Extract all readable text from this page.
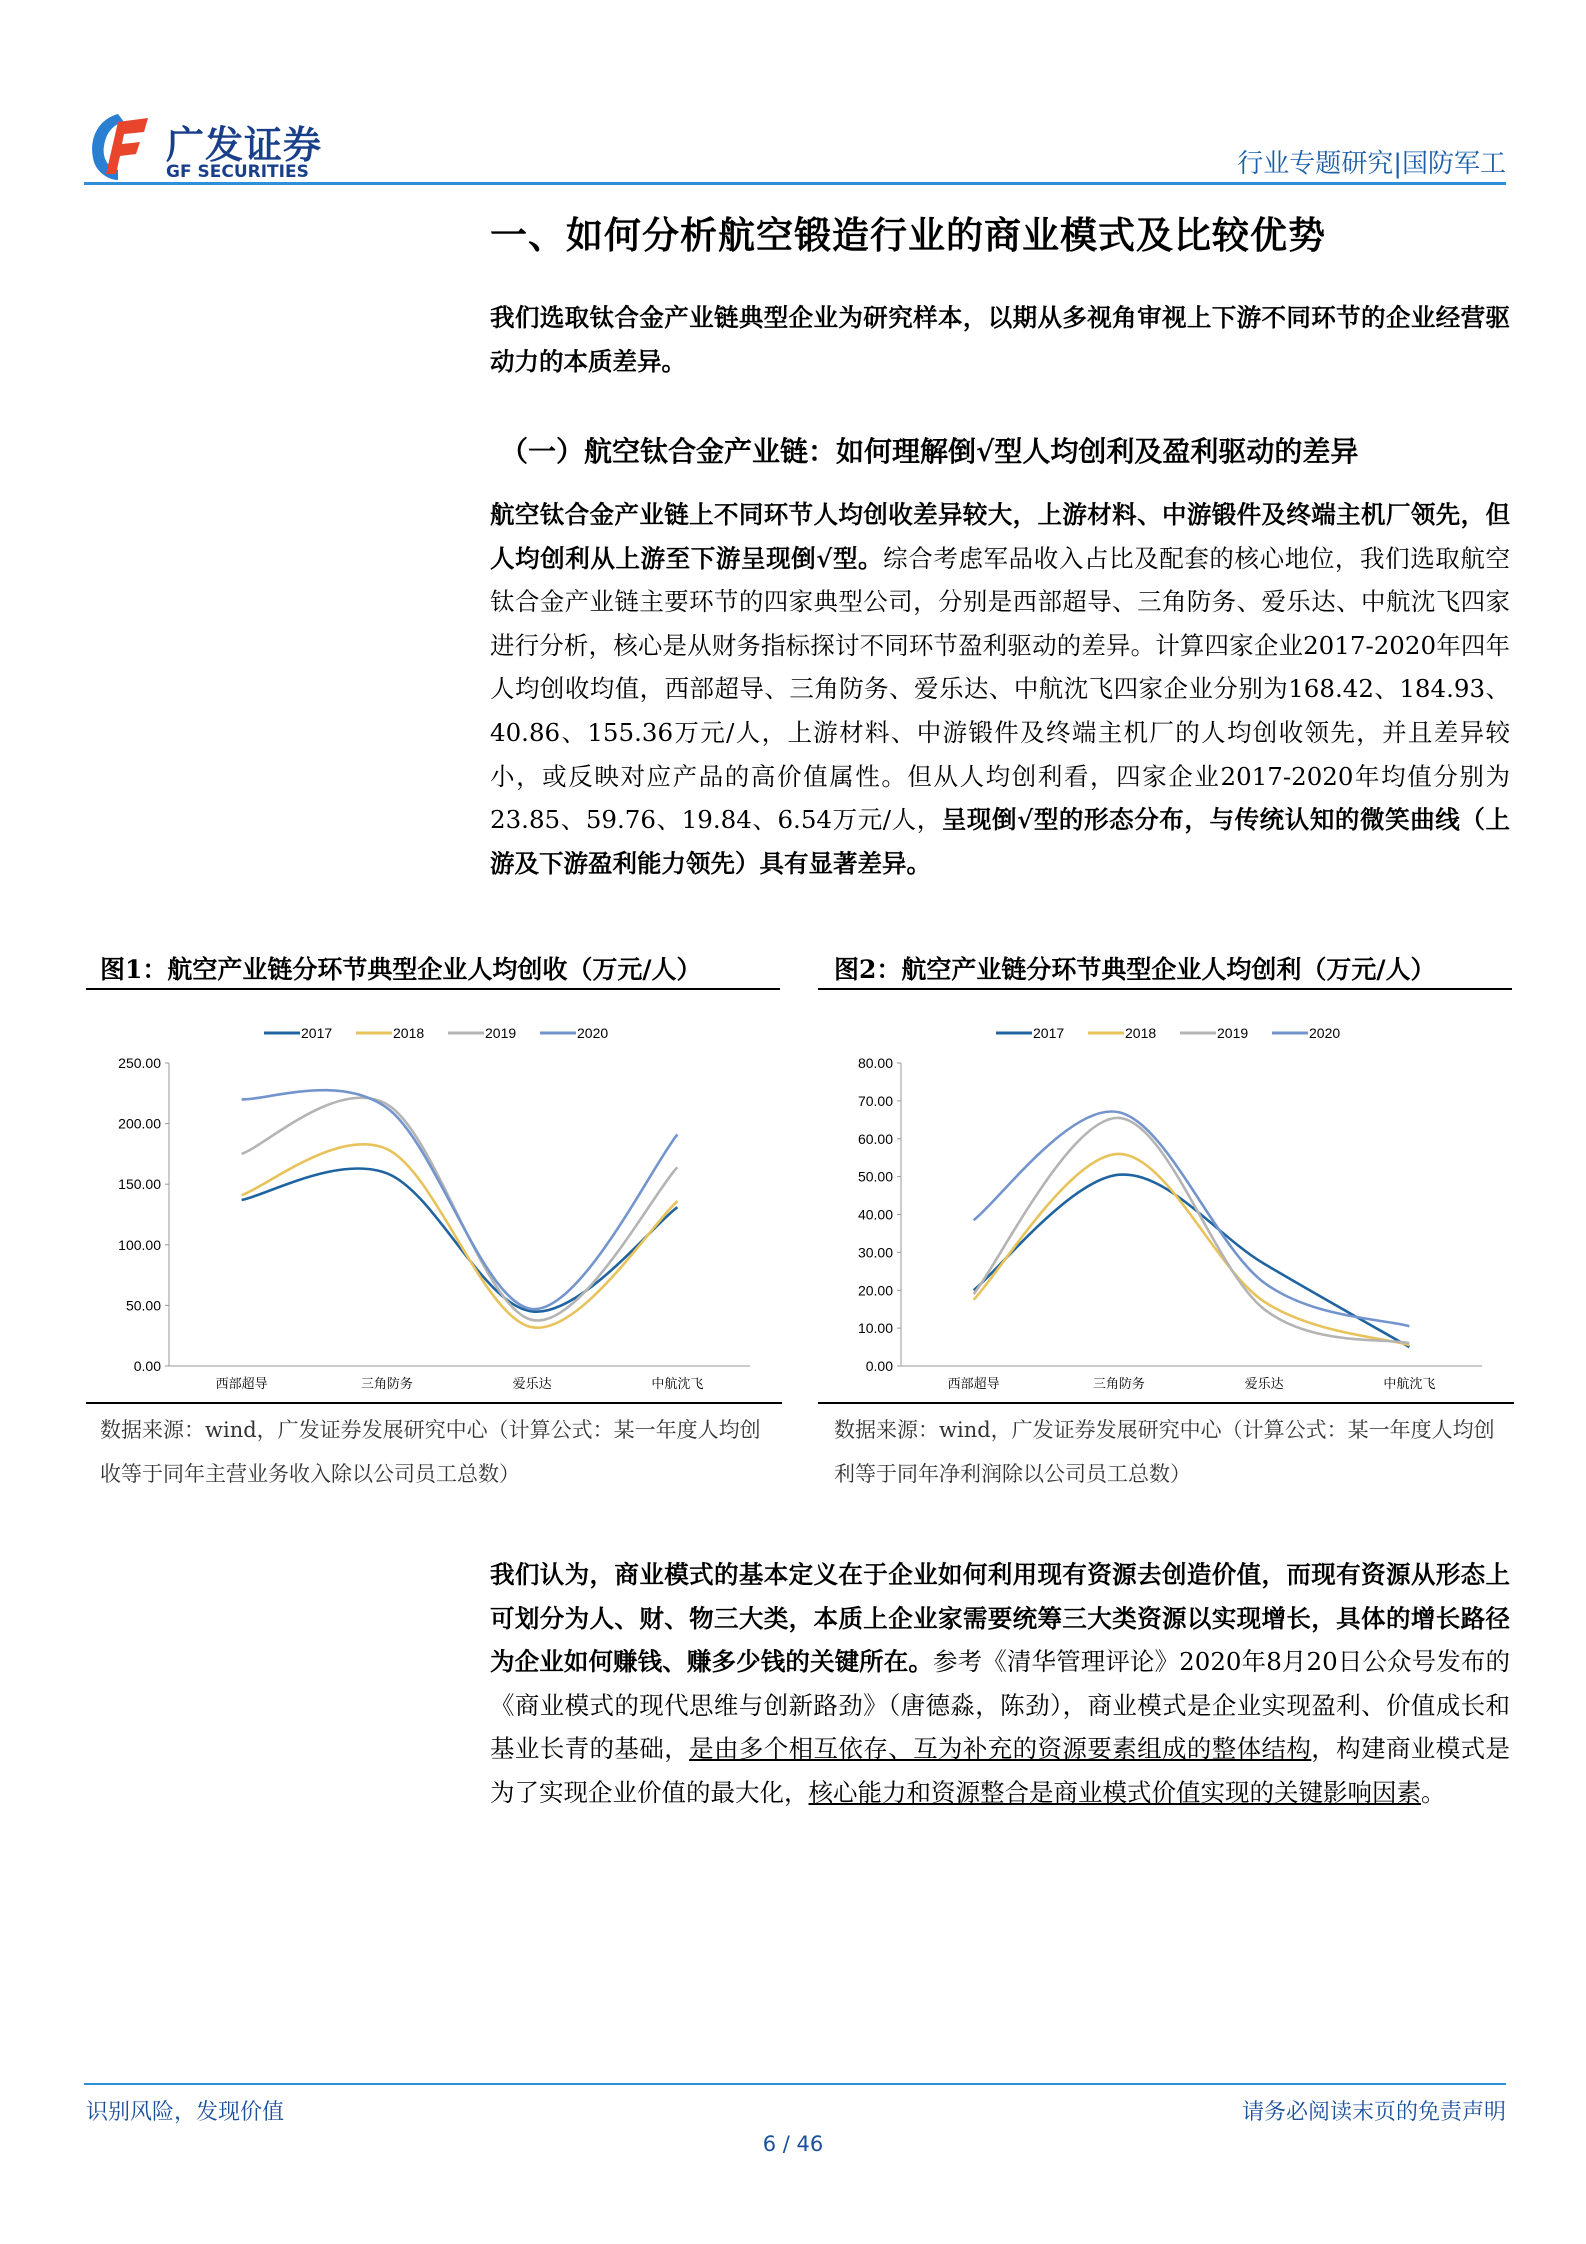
广发证券
GF SECURITIES	行业专题研究|国防军工
一、如何分析航空锻造行业的商业模式及比较优势
我们选取钛合金产业链典型企业为研究样本，以期从多视角审视上下游不同环节的企业经营驱动力的本质差异。
（一）航空钛合金产业链：如何理解倒√型人均创利及盈利驱动的差异
航空钛合金产业链上不同环节人均创收差异较大，上游材料、中游锻件及终端主机厂领先，但人均创利从上游至下游呈现倒√型。综合考虑军品收入占比及配套的核心地位，我们选取航空钛合金产业链主要环节的四家典型公司，分别是西部超导、三角防务、爱乐达、中航沈飞四家进行分析，核心是从财务指标探讨不同环节盈利驱动的差异。计算四家企业2017-2020年四年人均创收均值，西部超导、三角防务、爱乐达、中航沈飞四家企业分别为168.42、184.93、40.86、155.36万元/人，上游材料、中游锻件及终端主机厂的人均创收领先，并且差异较小，或反映对应产品的高价值属性。但从人均创利看，四家企业2017-2020年均值分别为23.85、59.76、19.84、6.54万元/人，呈现倒√型的形态分布，与传统认知的微笑曲线（上游及下游盈利能力领先）具有显著差异。
图1：航空产业链分环节典型企业人均创收（万元/人）	图2：航空产业链分环节典型企业人均创利（万元/人）
0.00
50.00
100.00
150.00
200.00
250.00
西部超导	三角防务	爱乐达	中航沈飞
2017	2018	2019	2020
0.00
10.00
20.00
30.00
40.00
50.00
60.00
70.00
80.00
西部超导	三角防务	爱乐达	中航沈飞
2017	2018	2019	2020
数据来源：wind，广发证券发展研究中心（计算公式：某一年度人均创收等于同年主营业务收入除以公司员工总数）
数据来源：wind，广发证券发展研究中心（计算公式：某一年度人均创利等于同年净利润除以公司员工总数）
我们认为，商业模式的基本定义在于企业如何利用现有资源去创造价值，而现有资源从形态上可划分为人、财、物三大类，本质上企业家需要统筹三大类资源以实现增长，具体的增长路径为企业如何赚钱、赚多少钱的关键所在。参考《清华管理评论》2020年8月20日公众号发布的《商业模式的现代思维与创新路劲》（唐德淼，陈劲），商业模式是企业实现盈利、价值成长和基业长青的基础，是由多个相互依存、互为补充的资源要素组成的整体结构，构建商业模式是为了实现企业价值的最大化，核心能力和资源整合是商业模式价值实现的关键影响因素。
识别风险，发现价值	请务必阅读末页的免责声明
6 / 46
